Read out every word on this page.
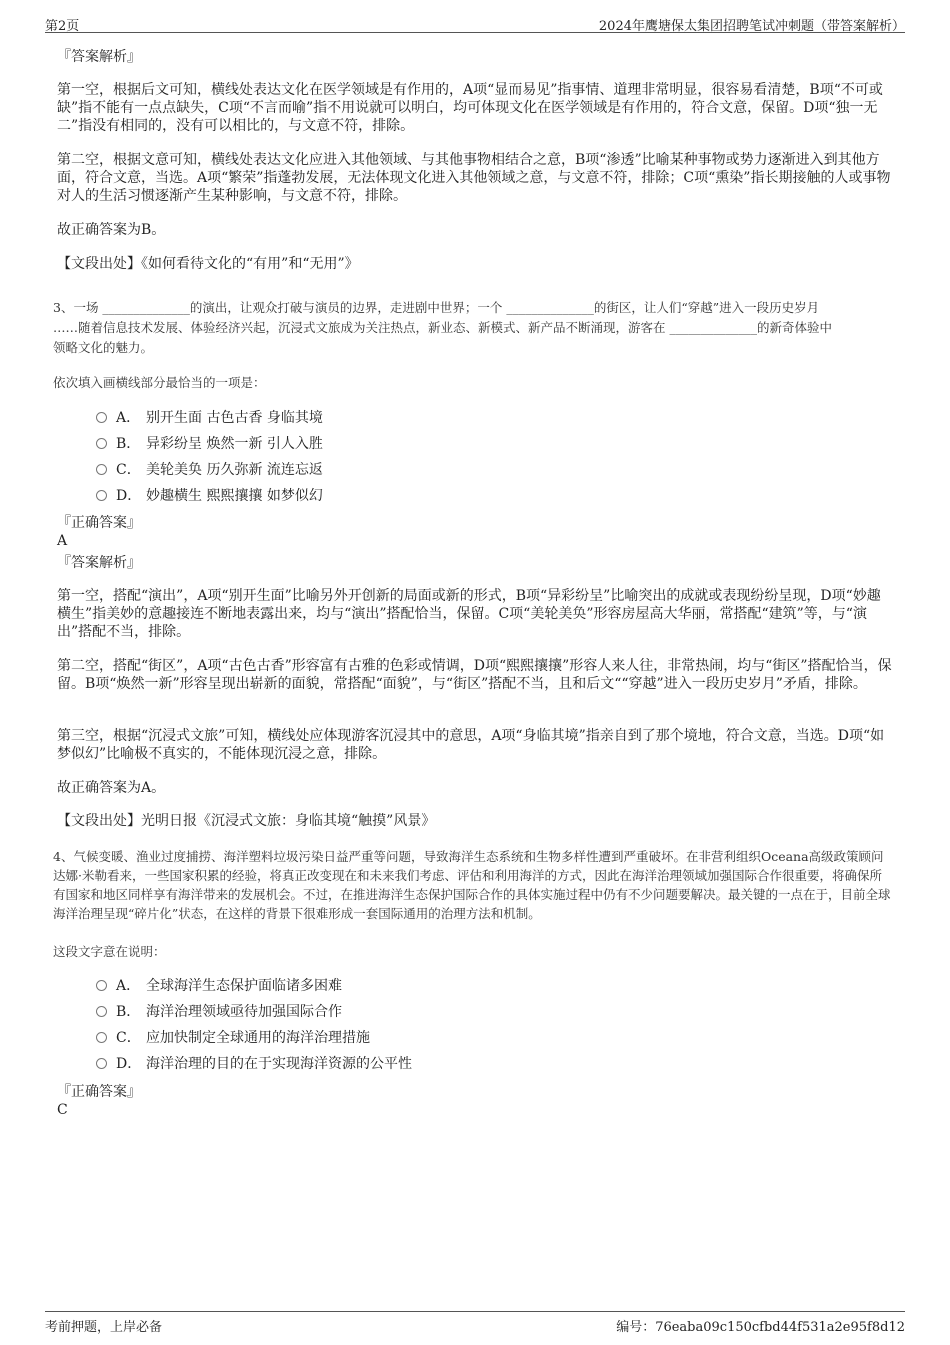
第2页	2024年鹰塘保太集团招聘笔试冲刺题（带答案解析）
『答案解析』
第一空，根据后文可知，横线处表达文化在医学领域是有作用的，A项“显而易见”指事情、道理非常明显，很容易看清楚，B项“不可或缺”指不能有一点点缺失，C项“不言而喻”指不用说就可以明白，均可体现文化在医学领域是有作用的，符合文意，保留。D项“独一无二”指没有相同的，没有可以相比的，与文意不符，排除。
第二空，根据文意可知，横线处表达文化应进入其他领域、与其他事物相结合之意，B项“渗透”比喻某种事物或势力逐渐进入到其他方面，符合文意，当选。A项“繁荣”指蓬勃发展，无法体现文化进入其他领域之意，与文意不符，排除；C项“熏染”指长期接触的人或事物对人的生活习惯逐渐产生某种影响，与文意不符，排除。
故正确答案为B。
【文段出处】《如何看待文化的“有用”和“无用”》
3、一场 ______________的演出，让观众打破与演员的边界，走进剧中世界；一个 ______________的街区，让人们“穿越”进入一段历史岁月
……随着信息技术发展、体验经济兴起，沉浸式文旅成为关注热点，新业态、新模式、新产品不断涌现，游客在 ______________的新奇体验中
领略文化的魅力。
依次填入画横线部分最恰当的一项是：
A． 别开生面 古色古香 身临其境
B． 异彩纷呈 焕然一新 引人入胜
C． 美轮美奂 历久弥新 流连忘返
D． 妙趣横生 熙熙攘攘 如梦似幻
『正确答案』
A
『答案解析』
第一空，搭配“演出”，A项“别开生面”比喻另外开创新的局面或新的形式，B项“异彩纷呈”比喻突出的成就或表现纷纷呈现，D项“妙趣横生”指美妙的意趣接连不断地表露出来，均与“演出”搭配恰当，保留。C项“美轮美奂”形容房屋高大华丽，常搭配“建筑”等，与“演出”搭配不当，排除。
第二空，搭配“街区”，A项“古色古香”形容富有古雅的色彩或情调，D项“熙熙攘攘”形容人来人往，非常热闹，均与“街区”搭配恰当，保留。B项“焕然一新”形容呈现出崭新的面貌，常搭配“面貌”，与“街区”搭配不当，且和后文““穿越”进入一段历史岁月”矛盾，排除。
第三空，根据“沉浸式文旅”可知，横线处应体现游客沉浸其中的意思，A项“身临其境”指亲自到了那个境地，符合文意，当选。D项“如梦似幻”比喻极不真实的，不能体现沉浸之意，排除。
故正确答案为A。
【文段出处】光明日报《沉浸式文旅：身临其境“触摸”风景》
4、气候变暖、渔业过度捕捞、海洋塑料垃圾污染日益严重等问题，导致海洋生态系统和生物多样性遭到严重破坏。在非营利组织Oceana高级政策顾问达娜·米勒看来，一些国家积累的经验，将真正改变现在和未来我们考虑、评估和利用海洋的方式，因此在海洋治理领域加强国际合作很重要，将确保所有国家和地区同样享有海洋带来的发展机会。不过，在推进海洋生态保护国际合作的具体实施过程中仍有不少问题要解决。最关键的一点在于，目前全球海洋治理呈现“碎片化”状态，在这样的背景下很难形成一套国际通用的治理方法和机制。
这段文字意在说明：
A． 全球海洋生态保护面临诸多困难
B． 海洋治理领域亟待加强国际合作
C． 应加快制定全球通用的海洋治理措施
D． 海洋治理的目的在于实现海洋资源的公平性
『正确答案』
C
考前押题，上岸必备	编号：76eaba09c150cfbd44f531a2e95f8d12
